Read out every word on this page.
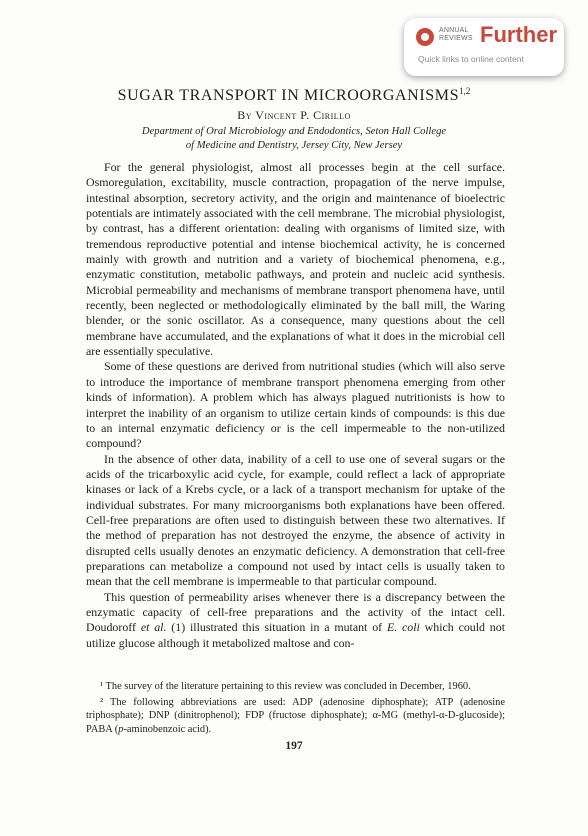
ANNUAL
REVIEWS Further
Quick links to online content
SUGAR TRANSPORT IN MICROORGANISMS$^{1,2}$
By Vincent P. Cirillo
Department of Oral Microbiology and Endodontics, Seton Hall College
of Medicine and Dentistry, Jersey City, New Jersey

For the general physiologist, almost all processes begin at the cell surface. Osmoregulation, excitability, muscle contraction, propagation of the nerve impulse, intestinal absorption, secretory activity, and the origin and maintenance of bioelectric potentials are intimately associated with the cell membrane. The microbial physiologist, by contrast, has a different orientation: dealing with organisms of limited size, with tremendous reproductive potential and intense biochemical activity, he is concerned mainly with growth and nutrition and a variety of biochemical phenomena, e.g., enzymatic constitution, metabolic pathways, and protein and nucleic acid synthesis. Microbial permeability and mechanisms of membrane transport phenomena have, until recently, been neglected or methodologically eliminated by the ball mill, the Waring blender, or the sonic oscillator. As a consequence, many questions about the cell membrane have accumulated, and the explanations of what it does in the microbial cell are essentially speculative.

Some of these questions are derived from nutritional studies (which will also serve to introduce the importance of membrane transport phenomena emerging from other kinds of information). A problem which has always plagued nutritionists is how to interpret the inability of an organism to utilize certain kinds of compounds: is this due to an internal enzymatic deficiency or is the cell impermeable to the non-utilized compound?

In the absence of other data, inability of a cell to use one of several sugars or the acids of the tricarboxylic acid cycle, for example, could reflect a lack of appropriate kinases or lack of a Krebs cycle, or a lack of a transport mechanism for uptake of the individual substrates. For many microorganisms both explanations have been offered. Cell-free preparations are often used to distinguish between these two alternatives. If the method of preparation has not destroyed the enzyme, the absence of activity in disrupted cells usually denotes an enzymatic deficiency. A demonstration that cell-free preparations can metabolize a compound not used by intact cells is usually taken to mean that the cell membrane is impermeable to that particular compound.

This question of permeability arises whenever there is a discrepancy between the enzymatic capacity of cell-free preparations and the activity of the intact cell. Doudoroff et al. (1) illustrated this situation in a mutant of E. coli which could not utilize glucose although it metabolized maltose and con-

¹ The survey of the literature pertaining to this review was concluded in December, 1960.

² The following abbreviations are used: ADP (adenosine diphosphate); ATP (adenosine triphosphate); DNP (dinitrophenol); FDP (fructose diphosphate); α-MG (methyl-α-D-glucoside); PABA (p-aminobenzoic acid).

197
